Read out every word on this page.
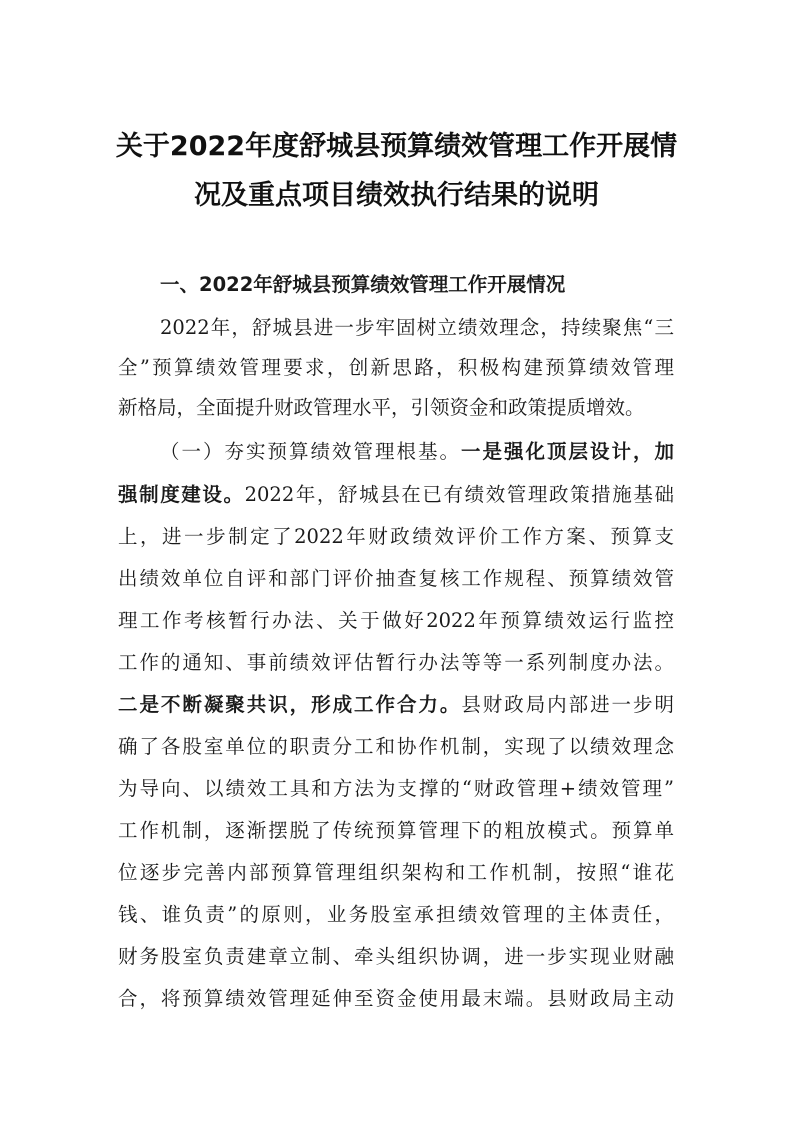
关于2022年度舒城县预算绩效管理工作开展情
况及重点项目绩效执行结果的说明
一、2022年舒城县预算绩效管理工作开展情况
2022年，舒城县进一步牢固树立绩效理念，持续聚焦“三
全”预算绩效管理要求，创新思路，积极构建预算绩效管理
新格局，全面提升财政管理水平，引领资金和政策提质增效。
（一）夯实预算绩效管理根基。一是强化顶层设计，加
强制度建设。2022年，舒城县在已有绩效管理政策措施基础
上，进一步制定了2022年财政绩效评价工作方案、预算支
出绩效单位自评和部门评价抽查复核工作规程、预算绩效管
理工作考核暂行办法、关于做好2022年预算绩效运行监控
工作的通知、事前绩效评估暂行办法等等一系列制度办法。
二是不断凝聚共识，形成工作合力。县财政局内部进一步明
确了各股室单位的职责分工和协作机制，实现了以绩效理念
为导向、以绩效工具和方法为支撑的“财政管理+绩效管理”
工作机制，逐渐摆脱了传统预算管理下的粗放模式。预算单
位逐步完善内部预算管理组织架构和工作机制，按照“谁花
钱、谁负责”的原则，业务股室承担绩效管理的主体责任，
财务股室负责建章立制、牵头组织协调，进一步实现业财融
合，将预算绩效管理延伸至资金使用最末端。县财政局主动
